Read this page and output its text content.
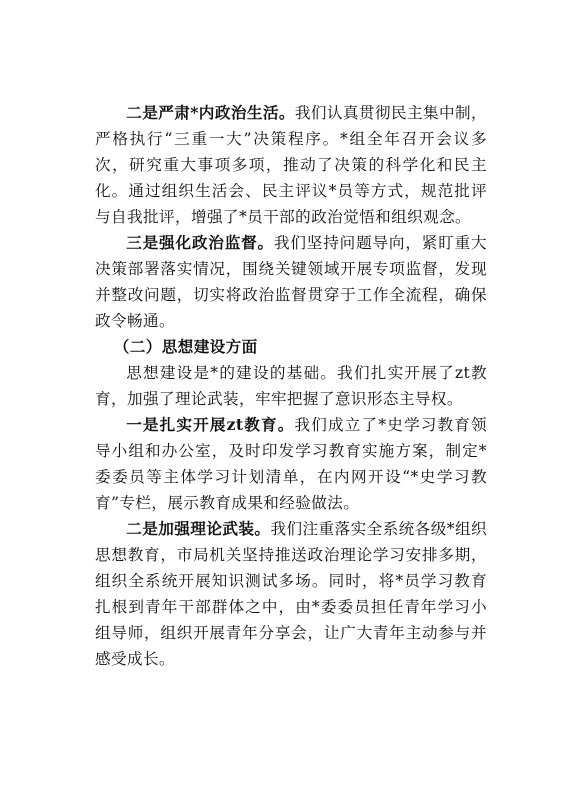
二是严肃*内政治生活。我们认真贯彻民主集中制，严格执行“三重一大”决策程序。*组全年召开会议多次，研究重大事项多项，推动了决策的科学化和民主化。通过组织生活会、民主评议*员等方式，规范批评与自我批评，增强了*员干部的政治觉悟和组织观念。

三是强化政治监督。我们坚持问题导向，紧盯重大决策部署落实情况，围绕关键领域开展专项监督，发现并整改问题，切实将政治监督贯穿于工作全流程，确保政令畅通。

（二）思想建设方面

思想建设是*的建设的基础。我们扎实开展了zt教育，加强了理论武装，牢牢把握了意识形态主导权。

一是扎实开展zt教育。我们成立了*史学习教育领导小组和办公室，及时印发学习教育实施方案，制定*委委员等主体学习计划清单，在内网开设“*史学习教育”专栏，展示教育成果和经验做法。

二是加强理论武装。我们注重落实全系统各级*组织思想教育，市局机关坚持推送政治理论学习安排多期，组织全系统开展知识测试多场。同时，将*员学习教育扎根到青年干部群体之中，由*委委员担任青年学习小组导师，组织开展青年分享会，让广大青年主动参与并感受成长。
